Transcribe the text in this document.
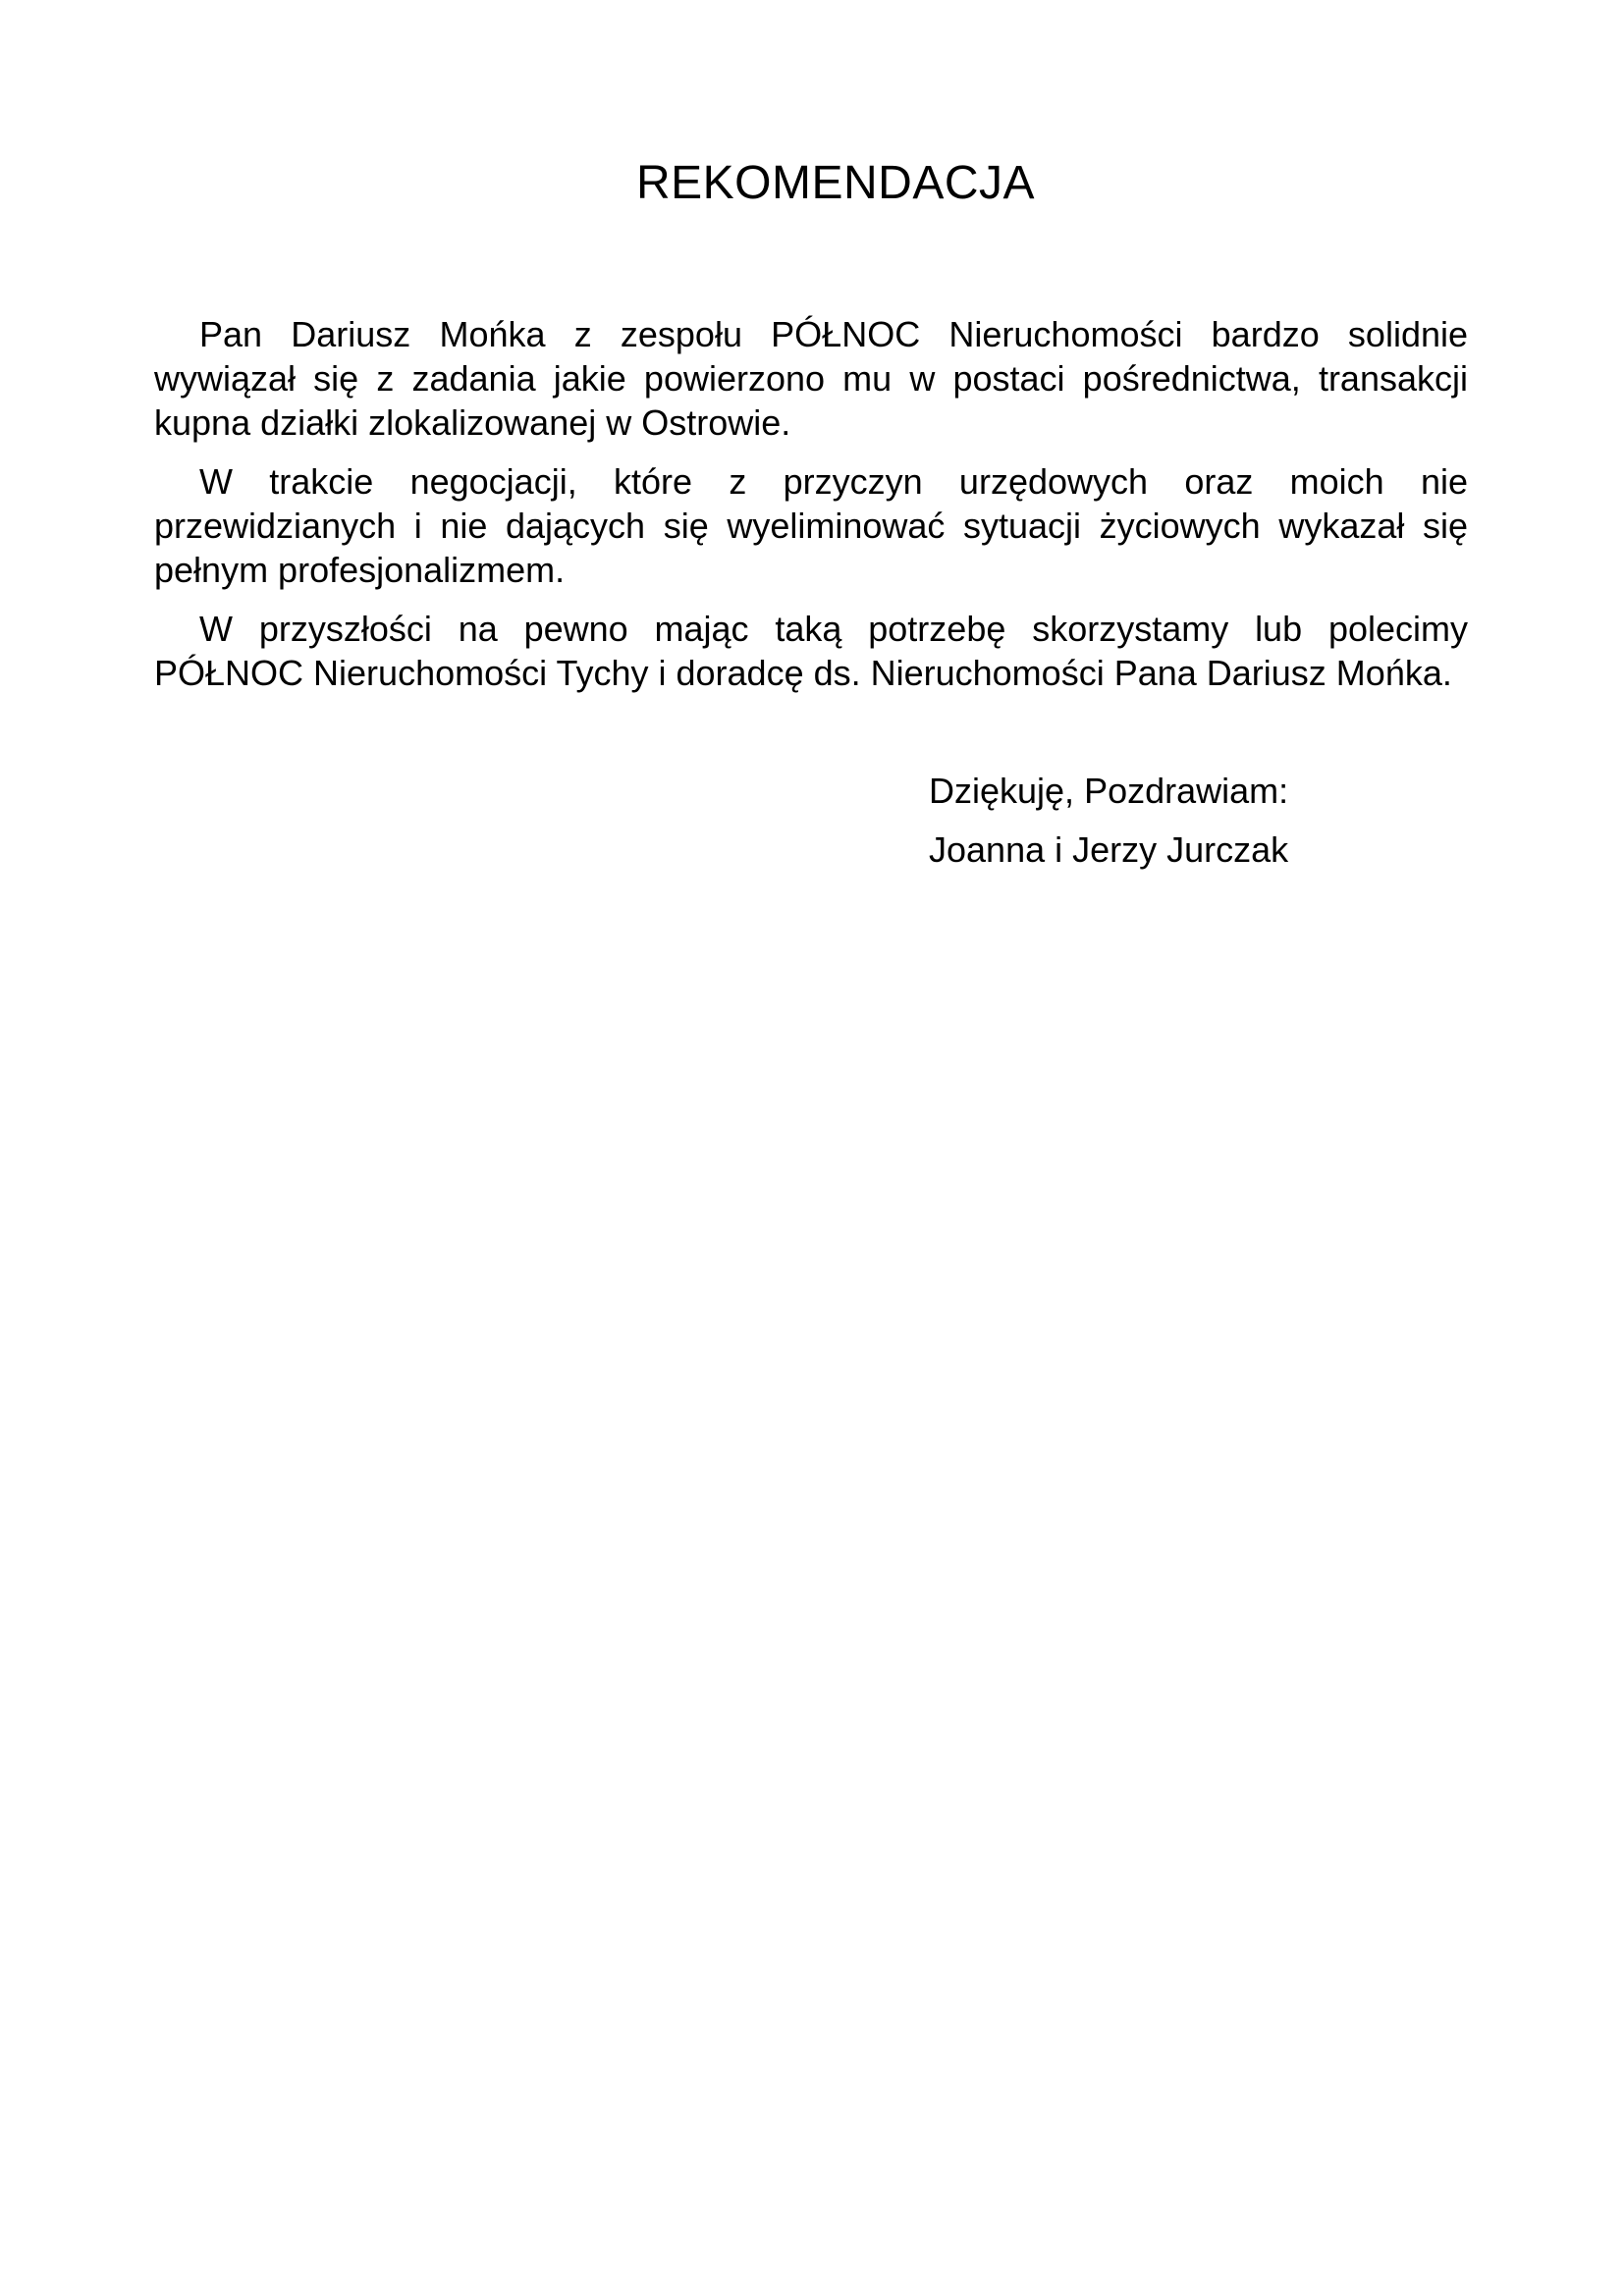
REKOMENDACJA

Pan Dariusz Mońka z zespołu PÓŁNOC Nieruchomości bardzo solidnie wywiązał się z zadania jakie powierzono mu w postaci pośrednictwa, transakcji kupna działki zlokalizowanej w Ostrowie.

W trakcie negocjacji, które z przyczyn urzędowych oraz moich nie przewidzianych i nie dających się wyeliminować sytuacji życiowych wykazał się pełnym profesjonalizmem.

W przyszłości na pewno mając taką potrzebę skorzystamy lub polecimy PÓŁNOC Nieruchomości Tychy i doradcę ds. Nieruchomości Pana Dariusz Mońka.

Dziękuję, Pozdrawiam:
Joanna i Jerzy Jurczak
